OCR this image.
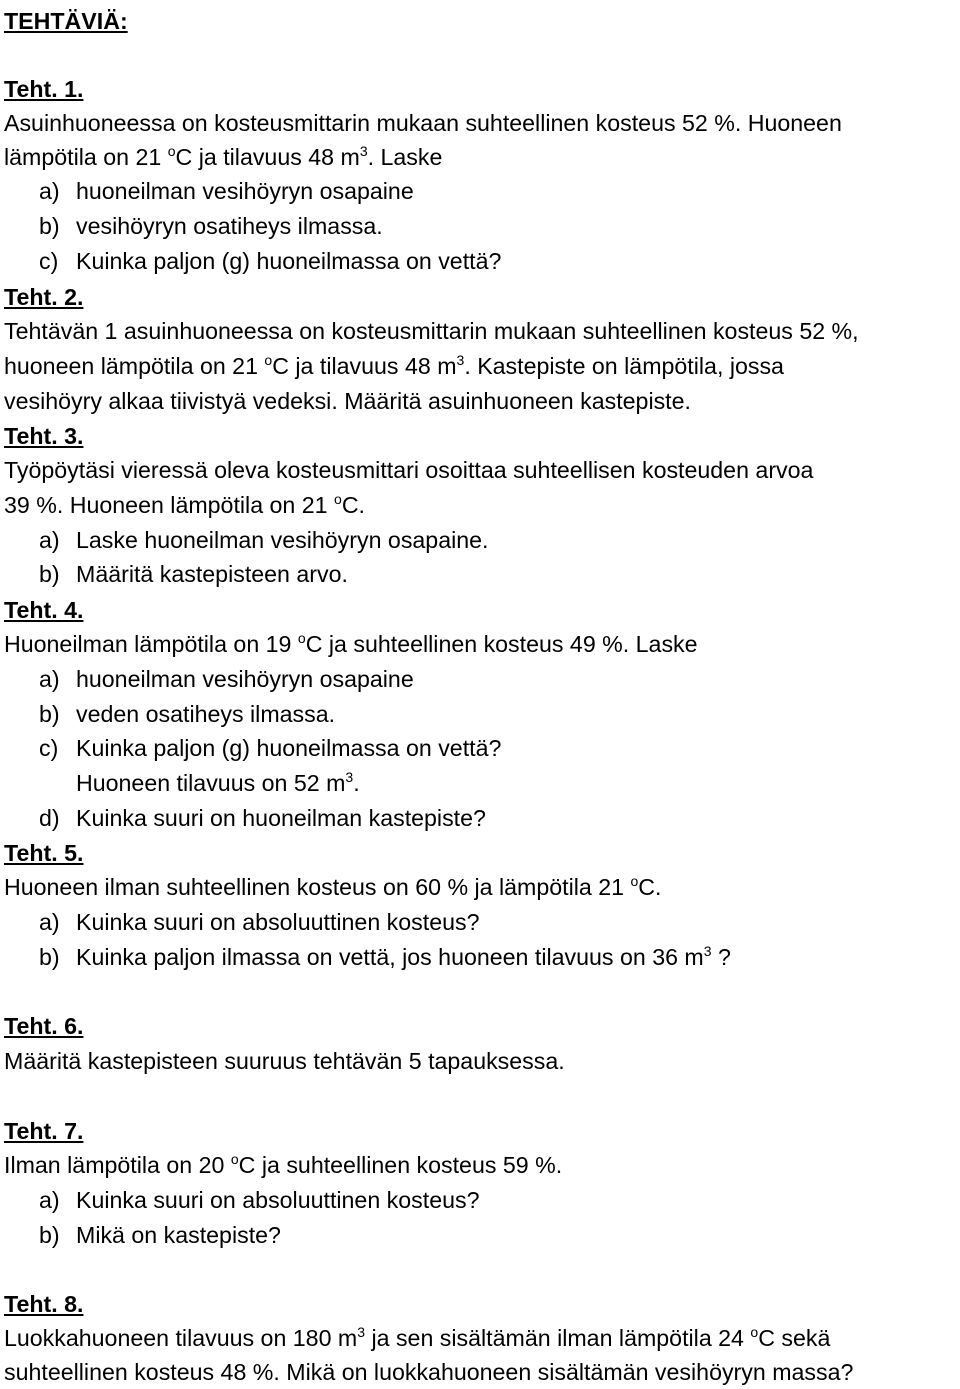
TEHTÄVIÄ:
Teht. 1.
Asuinhuoneessa on kosteusmittarin mukaan suhteellinen kosteus 52 %. Huoneen
lämpötila on 21 $^o$C ja tilavuus 48 $m^3$. Laske
a) huoneilman vesihöyryn osapaine
b) vesihöyryn osatiheys ilmassa.
c) Kuinka paljon (g) huoneilmassa on vettä?
Teht. 2.
Tehtävän 1 asuinhuoneessa on kosteusmittarin mukaan suhteellinen kosteus 52 %,
huoneen lämpötila on 21 $^o$C ja tilavuus 48 $m^3$. Kastepiste on lämpötila, jossa
vesihöyry alkaa tiivistyä vedeksi. Määritä asuinhuoneen kastepiste.
Teht. 3.
Työpöytäsi vieressä oleva kosteusmittari osoittaa suhteellisen kosteuden arvoa
39 %. Huoneen lämpötila on 21 $^o$C.
a) Laske huoneilman vesihöyryn osapaine.
b) Määritä kastepisteen arvo.
Teht. 4.
Huoneilman lämpötila on 19 $^o$C ja suhteellinen kosteus 49 %. Laske
a) huoneilman vesihöyryn osapaine
b) veden osatiheys ilmassa.
c) Kuinka paljon (g) huoneilmassa on vettä?
Huoneen tilavuus on 52 $m^3$.
d) Kuinka suuri on huoneilman kastepiste?
Teht. 5.
Huoneen ilman suhteellinen kosteus on 60 % ja lämpötila 21 $^o$C.
a) Kuinka suuri on absoluuttinen kosteus?
b) Kuinka paljon ilmassa on vettä, jos huoneen tilavuus on 36 $m^3$ ?
Teht. 6.
Määritä kastepisteen suuruus tehtävän 5 tapauksessa.
Teht. 7.
Ilman lämpötila on 20 $^o$C ja suhteellinen kosteus 59 %.
a) Kuinka suuri on absoluuttinen kosteus?
b) Mikä on kastepiste?
Teht. 8.
Luokkahuoneen tilavuus on 180 $m^3$ ja sen sisältämän ilman lämpötila 24 $^o$C sekä
suhteellinen kosteus 48 %. Mikä on luokkahuoneen sisältämän vesihöyryn massa?
